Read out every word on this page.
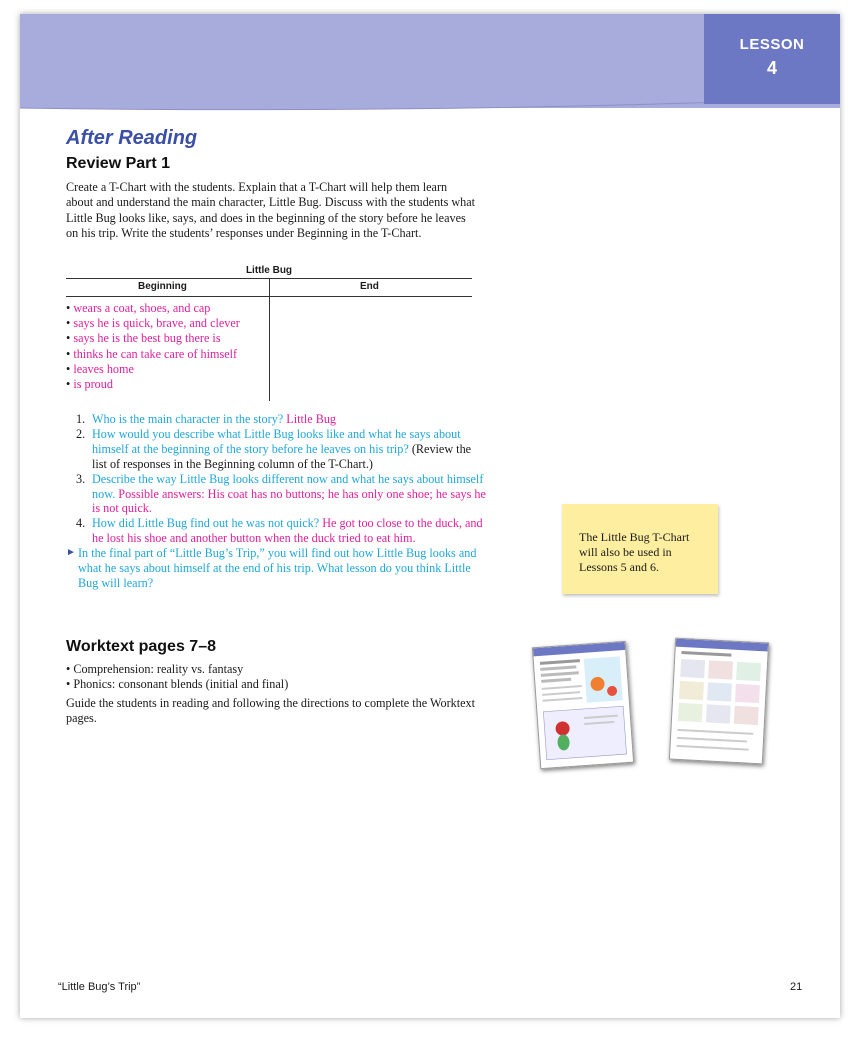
LESSON
4
After Reading
Review Part 1
Create a T-Chart with the students. Explain that a T-Chart will help them learn about and understand the main character, Little Bug. Discuss with the students what Little Bug looks like, says, and does in the beginning of the story before he leaves on his trip. Write the students’ responses under Beginning in the T-Chart.
Little Bug
Beginning	End
• wears a coat, shoes, and cap
• says he is quick, brave, and clever
• says he is the best bug there is
• thinks he can take care of himself
• leaves home
• is proud
1. Who is the main character in the story? Little Bug
2. How would you describe what Little Bug looks like and what he says about himself at the beginning of the story before he leaves on his trip? (Review the list of responses in the Beginning column of the T-Chart.)
3. Describe the way Little Bug looks different now and what he says about himself now. Possible answers: His coat has no buttons; he has only one shoe; he says he is not quick.
4. How did Little Bug find out he was not quick? He got too close to the duck, and he lost his shoe and another button when the duck tried to eat him.
► In the final part of “Little Bug’s Trip,” you will find out how Little Bug looks and what he says about himself at the end of his trip. What lesson do you think Little Bug will learn?
Worktext pages 7–8
• Comprehension: reality vs. fantasy
• Phonics: consonant blends (initial and final)
Guide the students in reading and following the directions to complete the Worktext pages.
The Little Bug T-Chart will also be used in Lessons 5 and 6.
“Little Bug’s Trip”	21
